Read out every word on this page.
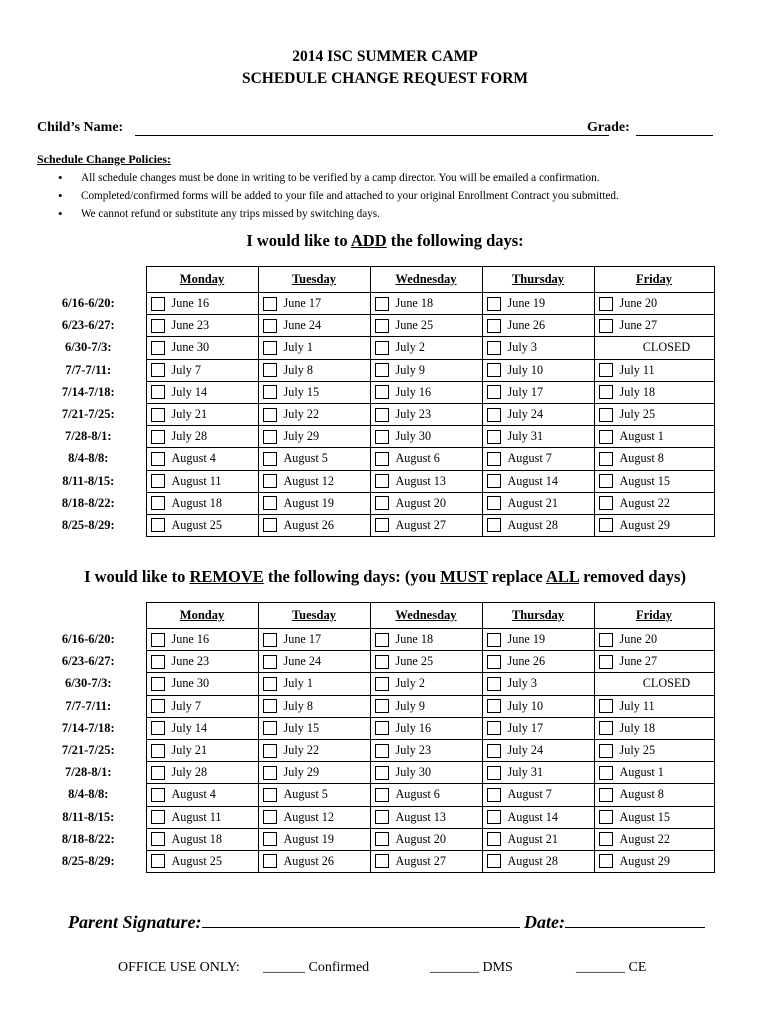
2014 ISC SUMMER CAMP
SCHEDULE CHANGE REQUEST FORM
Child’s Name:	Grade:
Schedule Change Policies:
• All schedule changes must be done in writing to be verified by a camp director. You will be emailed a confirmation.
• Completed/confirmed forms will be added to your file and attached to your original Enrollment Contract you submitted.
• We cannot refund or substitute any trips missed by switching days.
I would like to ADD the following days:
	Monday	Tuesday	Wednesday	Thursday	Friday
6/16-6/20:	June 16	June 17	June 18	June 19	June 20

6/23-6/27:	June 23	June 24	June 25	June 26	June 27

6/30-7/3:	June 30	July 1	July 2	July 3	CLOSED

7/7-7/11:	July 7	July 8	July 9	July 10	July 11

7/14-7/18:	July 14	July 15	July 16	July 17	July 18

7/21-7/25:	July 21	July 22	July 23	July 24	July 25

7/28-8/1:	July 28	July 29	July 30	July 31	August 1

8/4-8/8:	August 4	August 5	August 6	August 7	August 8

8/11-8/15:	August 11	August 12	August 13	August 14	August 15

8/18-8/22:	August 18	August 19	August 20	August 21	August 22

8/25-8/29:	August 25	August 26	August 27	August 28	August 29
I would like to REMOVE the following days: (you MUST replace ALL removed days)
	Monday	Tuesday	Wednesday	Thursday	Friday
6/16-6/20:	June 16	June 17	June 18	June 19	June 20

6/23-6/27:	June 23	June 24	June 25	June 26	June 27

6/30-7/3:	June 30	July 1	July 2	July 3	CLOSED

7/7-7/11:	July 7	July 8	July 9	July 10	July 11

7/14-7/18:	July 14	July 15	July 16	July 17	July 18

7/21-7/25:	July 21	July 22	July 23	July 24	July 25

7/28-8/1:	July 28	July 29	July 30	July 31	August 1

8/4-8/8:	August 4	August 5	August 6	August 7	August 8

8/11-8/15:	August 11	August 12	August 13	August 14	August 15

8/18-8/22:	August 18	August 19	August 20	August 21	August 22

8/25-8/29:	August 25	August 26	August 27	August 28	August 29
Parent Signature:	Date:
OFFICE USE ONLY: ______ Confirmed	_______ DMS	_______ CE
